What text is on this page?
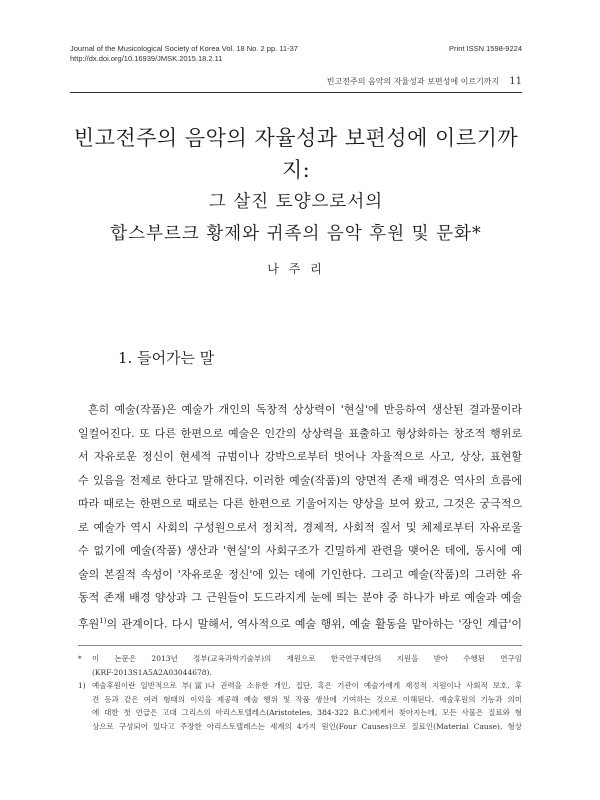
Journal of the Musicological Society of Korea Vol. 18 No. 2 pp. 11-37
http://dx.doi.org/10.16939/JMSK.2015.18.2.11
Print ISSN 1598-9224
빈고전주의 음악의 자율성과 보편성에 이르기까지 11
빈고전주의 음악의 자율성과 보편성에 이르기까지:
그 살진 토양으로서의
합스부르크 황제와 귀족의 음악 후원 및 문화*
나 주 리
1. 들어가는 말
흔히 예술(작품)은 예술가 개인의 독창적 상상력이 '현실'에 반응하여 생산된 결과물이라
일컬어진다. 또 다른 한편으로 예술은 인간의 상상력을 표출하고 형상화하는 창조적 행위로
서 자유로운 정신이 현세적 규범이나 강박으로부터 벗어나 자율적으로 사고, 상상, 표현할
수 있음을 전제로 한다고 말해진다. 이러한 예술(작품)의 양면적 존재 배경은 역사의 흐름에
따라 때로는 한편으로 때로는 다른 한편으로 기울어지는 양상을 보여 왔고, 그것은 궁극적으
로 예술가 역시 사회의 구성원으로서 정치적, 경제적, 사회적 질서 및 체제로부터 자유로울
수 없기에 예술(작품) 생산과 '현실'의 사회구조가 긴밀하게 관련을 맺어온 데에, 동시에 예
술의 본질적 속성이 '자유로운 정신'에 있는 데에 기인한다. 그리고 예술(작품)의 그러한 유
동적 존재 배경 양상과 그 근원들이 도드라지게 눈에 띄는 분야 중 하나가 바로 예술과 예술
후원$^{1)}$의 관계이다. 다시 말해서, 역사적으로 예술 행위, 예술 활동을 맡아하는 '장인 계급'이
*	이 논문은 2013년 정부(교육과학기술부)의 재원으로 한국연구재단의 지원을 받아 수행된 연구임
(KRF-2013S1A5A2A03044678).
1) 예술후원이란 일반적으로 부(富)나 권력을 소유한 개인, 집단, 혹은 기관이 예술가에게 재정적 지원이나 사회적 보호, 후
견 등과 같은 여러 형태의 이익을 제공해 예술 행위 및 작품 생산에 기여하는 것으로 이해된다. 예술후원의 기능과 의미
에 대한 첫 언급은 고대 그리스의 아리스토텔레스(Aristoteles, 384-322 B.C.)에게서 찾아지는데, 모든 사물은 질료와 형
상으로 구성되어 있다고 주장한 아리스토텔레스는 세계의 4가지 원인(Four Causes)으로 질료인(Material Cause), 형상
